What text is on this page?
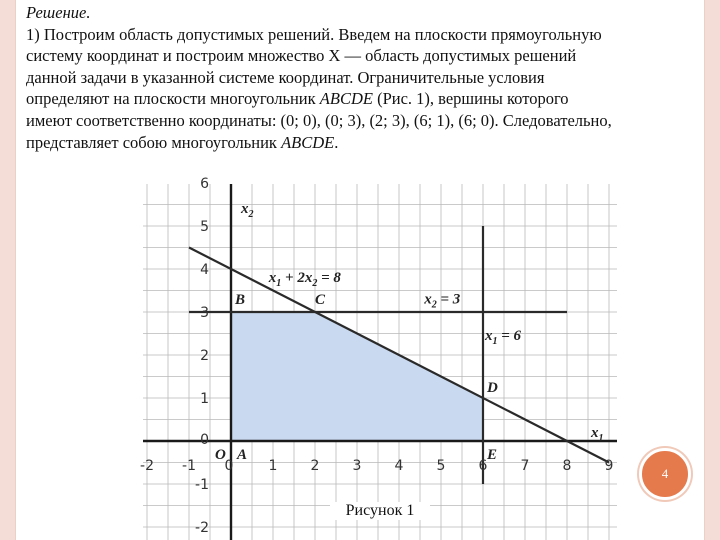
Решение.

1) Построим область допустимых решений. Введем на плоскости прямоугольную

систему координат и построим множество X — область допустимых решений

данной задачи в указанной системе координат. Ограничительные условия

определяют на плоскости многоугольник ABCDE (Рис. 1), вершины которого

имеют соответственно координаты: (0; 0), (0; 3), (2; 3), (6; 1), (6; 0). Следовательно,

представляет собою многоугольник ABCDE.

-2 -1	1 2 3 4 5 6 7 8 9
0
-2
-1
1
2
3
4
5
6
0
$x_2$
$x_1$
$x_1 + 2x_2 = 8$
$x_2 = 3$
$x_1 = 6$
O A
B	C
D
E
Рисунок 1
4
